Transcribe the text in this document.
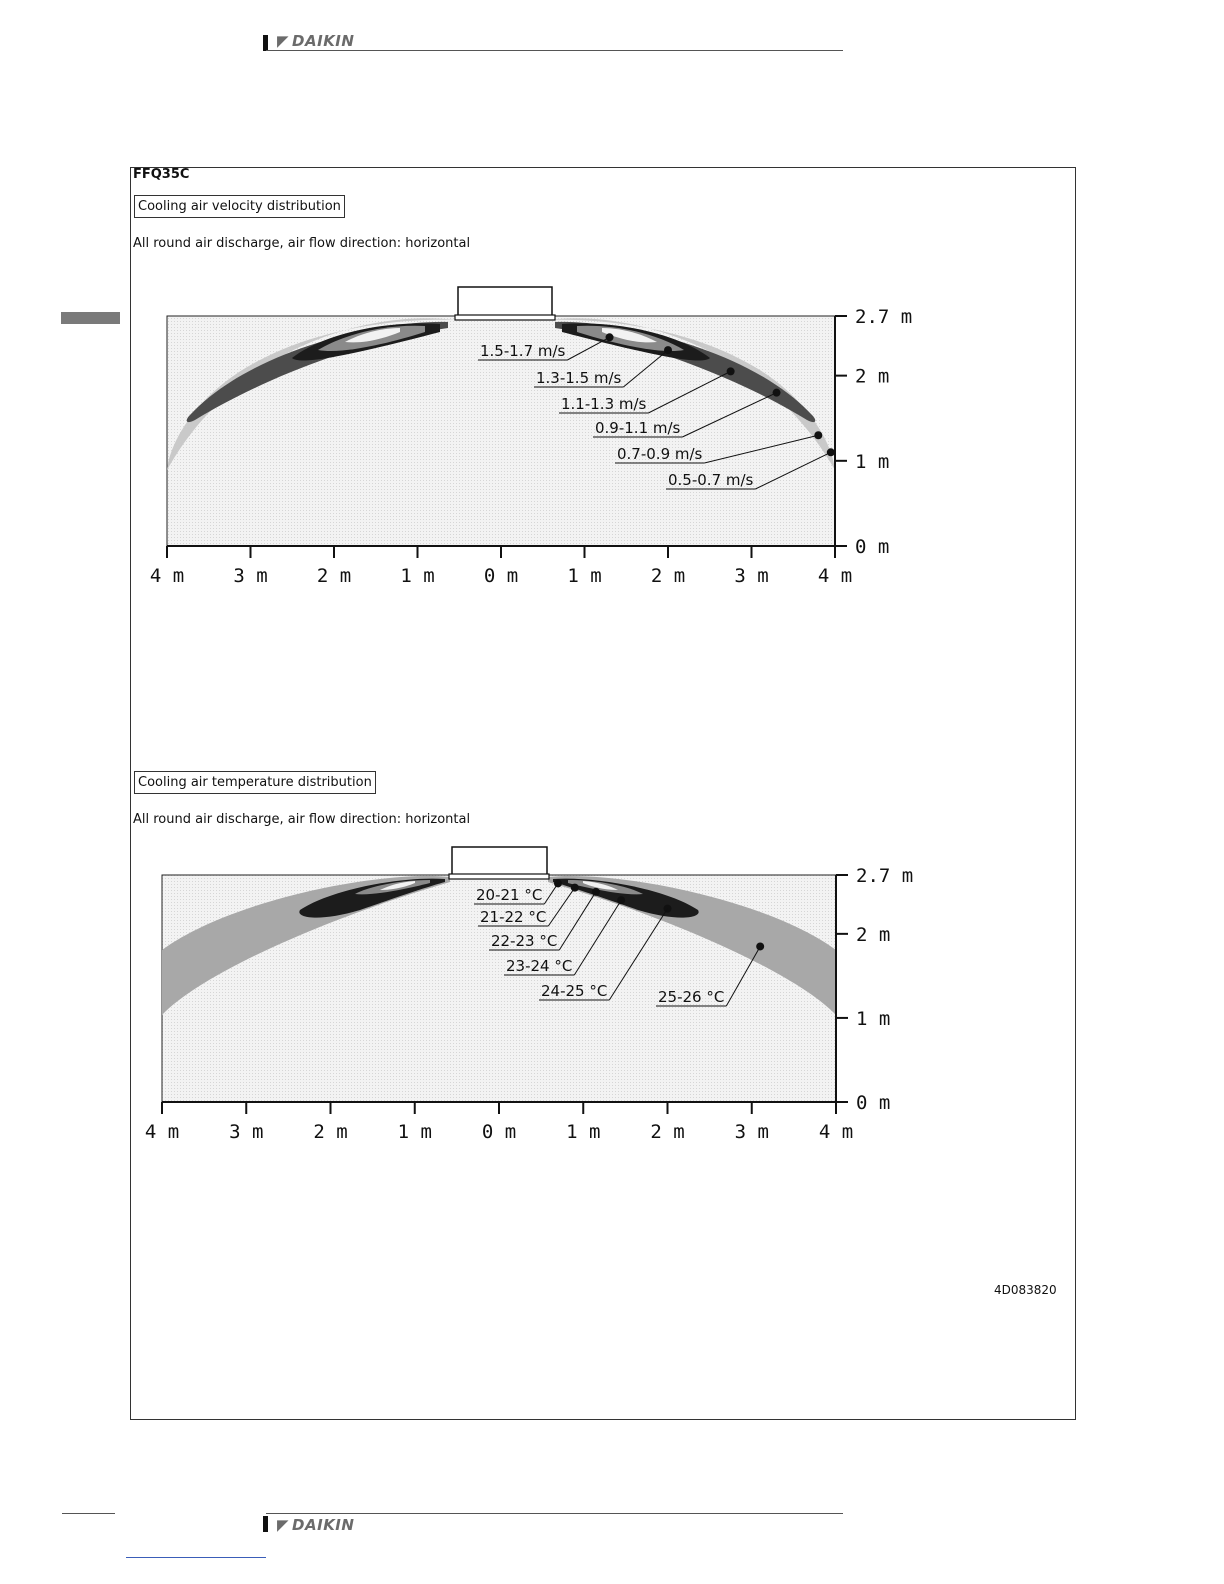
◤ DAIKIN
FFQ35C
Cooling air velocity distribution
All round air discharge, air flow direction: horizontal
4 m	3 m	2 m	1 m	0 m	1 m	2 m	3 m	4 m
2.7 m
2 m
1 m
0 m
1.5-1.7 m/s
1.3-1.5 m/s
1.1-1.3 m/s
0.9-1.1 m/s
0.7-0.9 m/s
0.5-0.7 m/s
Cooling air temperature distribution
All round air discharge, air flow direction: horizontal
4 m	3 m	2 m	1 m	0 m	1 m	2 m	3 m	4 m
2.7 m
2 m
1 m
0 m
20-21 °C
21-22 °C
22-23 °C
23-24 °C
24-25 °C	25-26 °C
4D083820
◤ DAIKIN
